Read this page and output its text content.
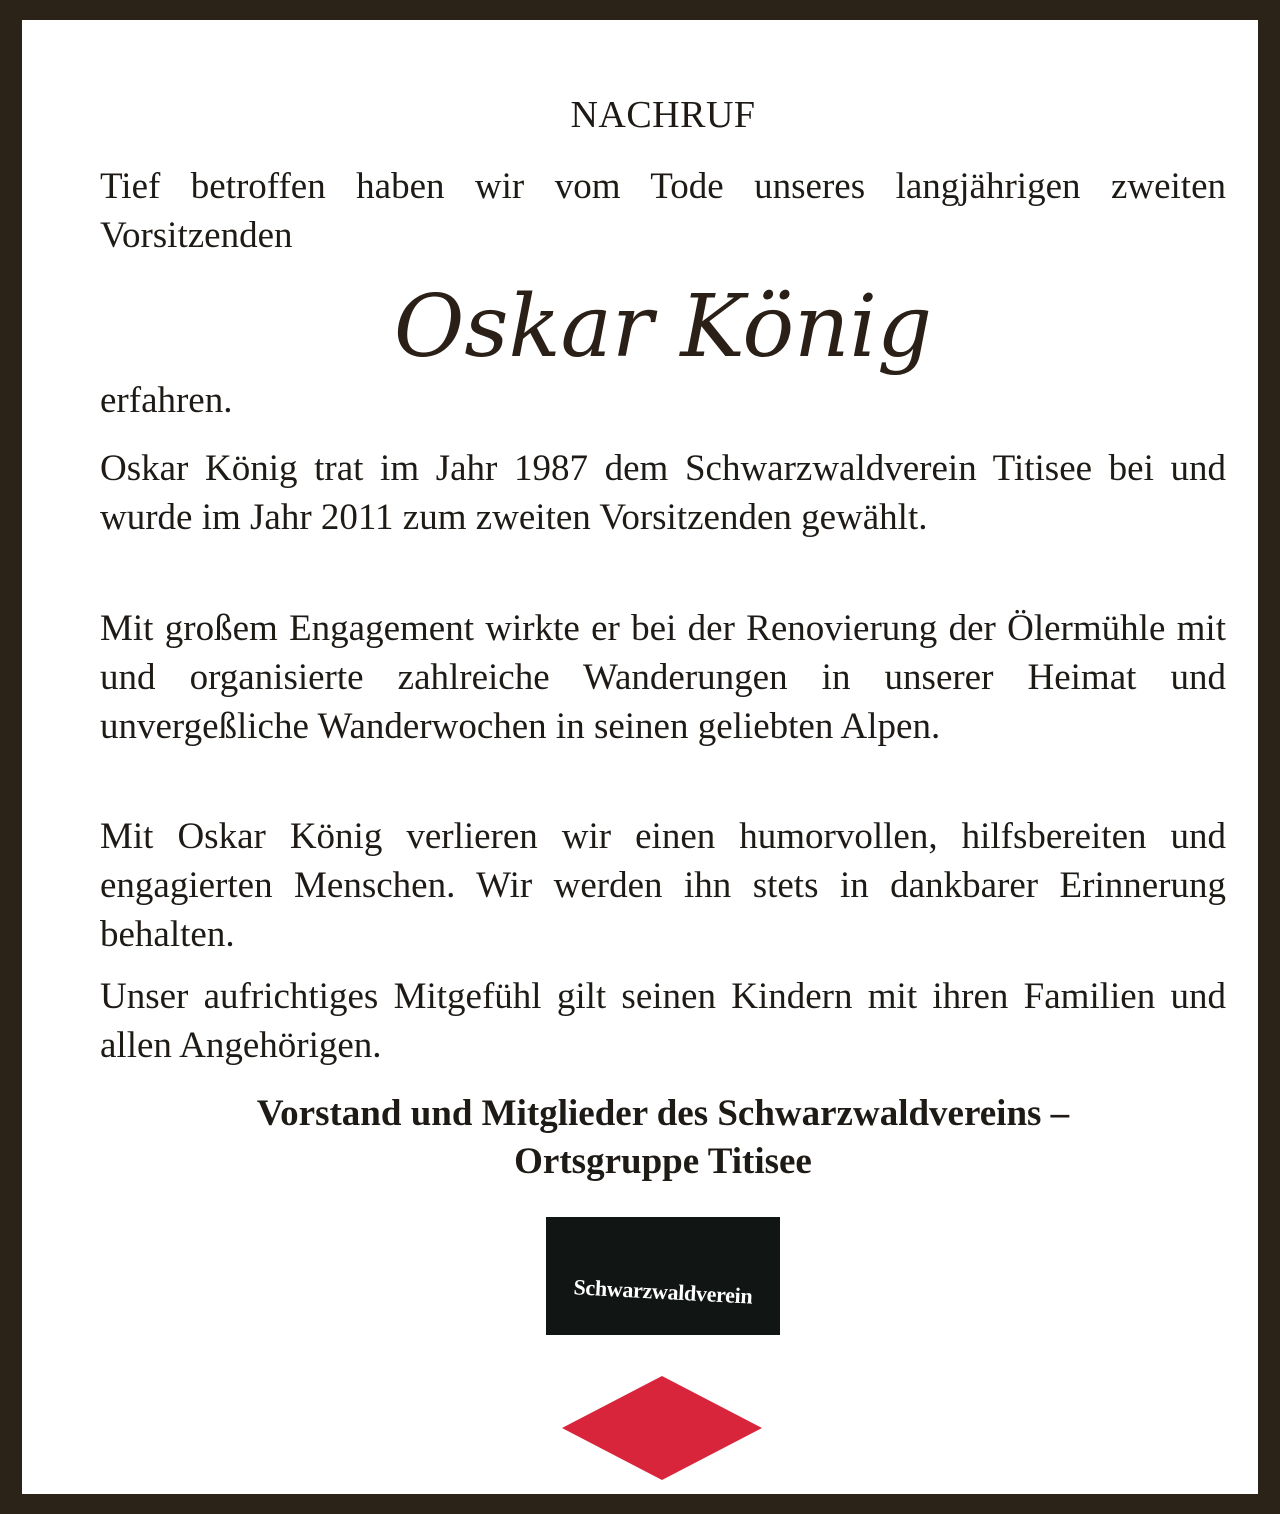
NACHRUF

Tief betroffen haben wir vom Tode unseres langjährigen zweiten Vorsitzenden

Oskar König

erfahren.

Oskar König trat im Jahr 1987 dem Schwarzwaldverein Titisee bei und wurde im Jahr 2011 zum zweiten Vorsitzenden gewählt.

Mit großem Engagement wirkte er bei der Renovierung der Ölermühle mit und organisierte zahlreiche Wanderungen in unserer Heimat und unvergeßliche Wanderwochen in seinen geliebten Alpen.

Mit Oskar König verlieren wir einen humorvollen, hilfsbereiten und engagierten Menschen. Wir werden ihn stets in dankbarer Erinnerung behalten.

Unser aufrichtiges Mitgefühl gilt seinen Kindern mit ihren Familien und allen Angehörigen.

Vorstand und Mitglieder des Schwarzwaldvereins –
Ortsgruppe Titisee
Schwarzwaldverein
